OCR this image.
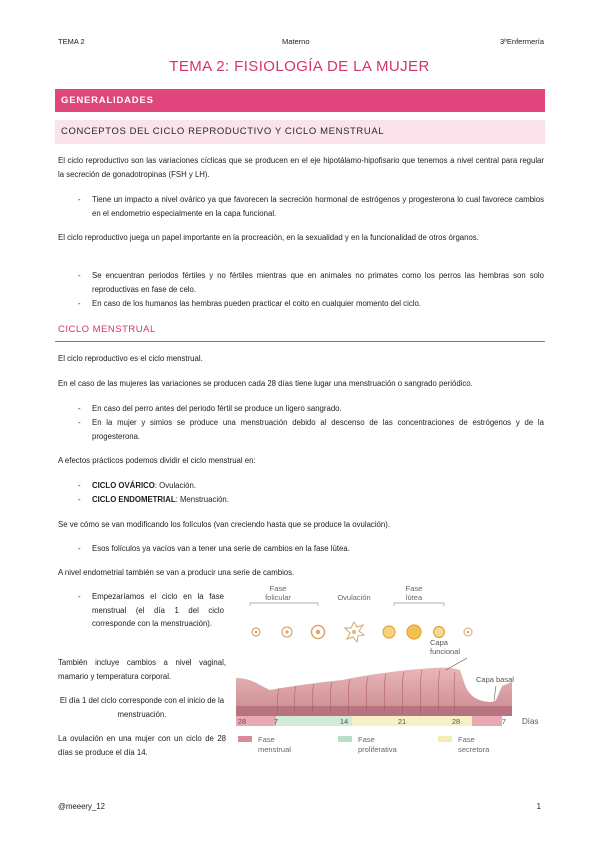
TEMA 2	Materno	3ºEnfermería
TEMA 2: FISIOLOGÍA DE LA MUJER
GENERALIDADES
CONCEPTOS DEL CICLO REPRODUCTIVO Y CICLO MENSTRUAL
El ciclo reproductivo son las variaciones cíclicas que se producen en el eje hipotálamo-hipofisario que tenemos a nivel central para regular la secreción de gonadotropinas (FSH y LH).
- Tiene un impacto a nivel ovárico ya que favorecen la secreción hormonal de estrógenos y progesterona lo cual favorece cambios en el endometrio especialmente en la capa funcional.
El ciclo reproductivo juega un papel importante en la procreación, en la sexualidad y en la funcionalidad de otros órganos.
- Se encuentran periodos fértiles y no fértiles mientras que en animales no primates como los perros las hembras son solo reproductivas en fase de celo.
- En caso de los humanos las hembras pueden practicar el coito en cualquier momento del ciclo.
CICLO MENSTRUAL
El ciclo reproductivo es el ciclo menstrual.
En el caso de las mujeres las variaciones se producen cada 28 días tiene lugar una menstruación o sangrado periódico.
- En caso del perro antes del periodo fértil se produce un ligero sangrado.
- En la mujer y simios se produce una menstruación debido al descenso de las concentraciones de estrógenos y de la progesterona.
A efectos prácticos podemos dividir el ciclo menstrual en:
- CICLO OVÁRICO: Ovulación.
- CICLO ENDOMETRIAL: Menstruación.
Se ve cómo se van modificando los folículos (van creciendo hasta que se produce la ovulación).
- Esos folículos ya vacíos van a tener una serie de cambios en la fase lútea.
A nivel endometrial también se van a producir una serie de cambios.
- Empezaríamos el ciclo en la fase menstrual (el día 1 del ciclo corresponde con la menstruación).
También incluye cambios a nivel vaginal, mamario y temperatura corporal.
El día 1 del ciclo corresponde con el inicio de la menstruación.
La ovulación en una mujer con un ciclo de 28 días se produce el día 14.
Fase
folicular	Ovulación
Fase
lútea
Capa
funcional
Capa basal
28	7	14	21	28	7 Días
Fase
menstrual
Fase
proliferativa
Fase
secretora
@meeery_12	1
